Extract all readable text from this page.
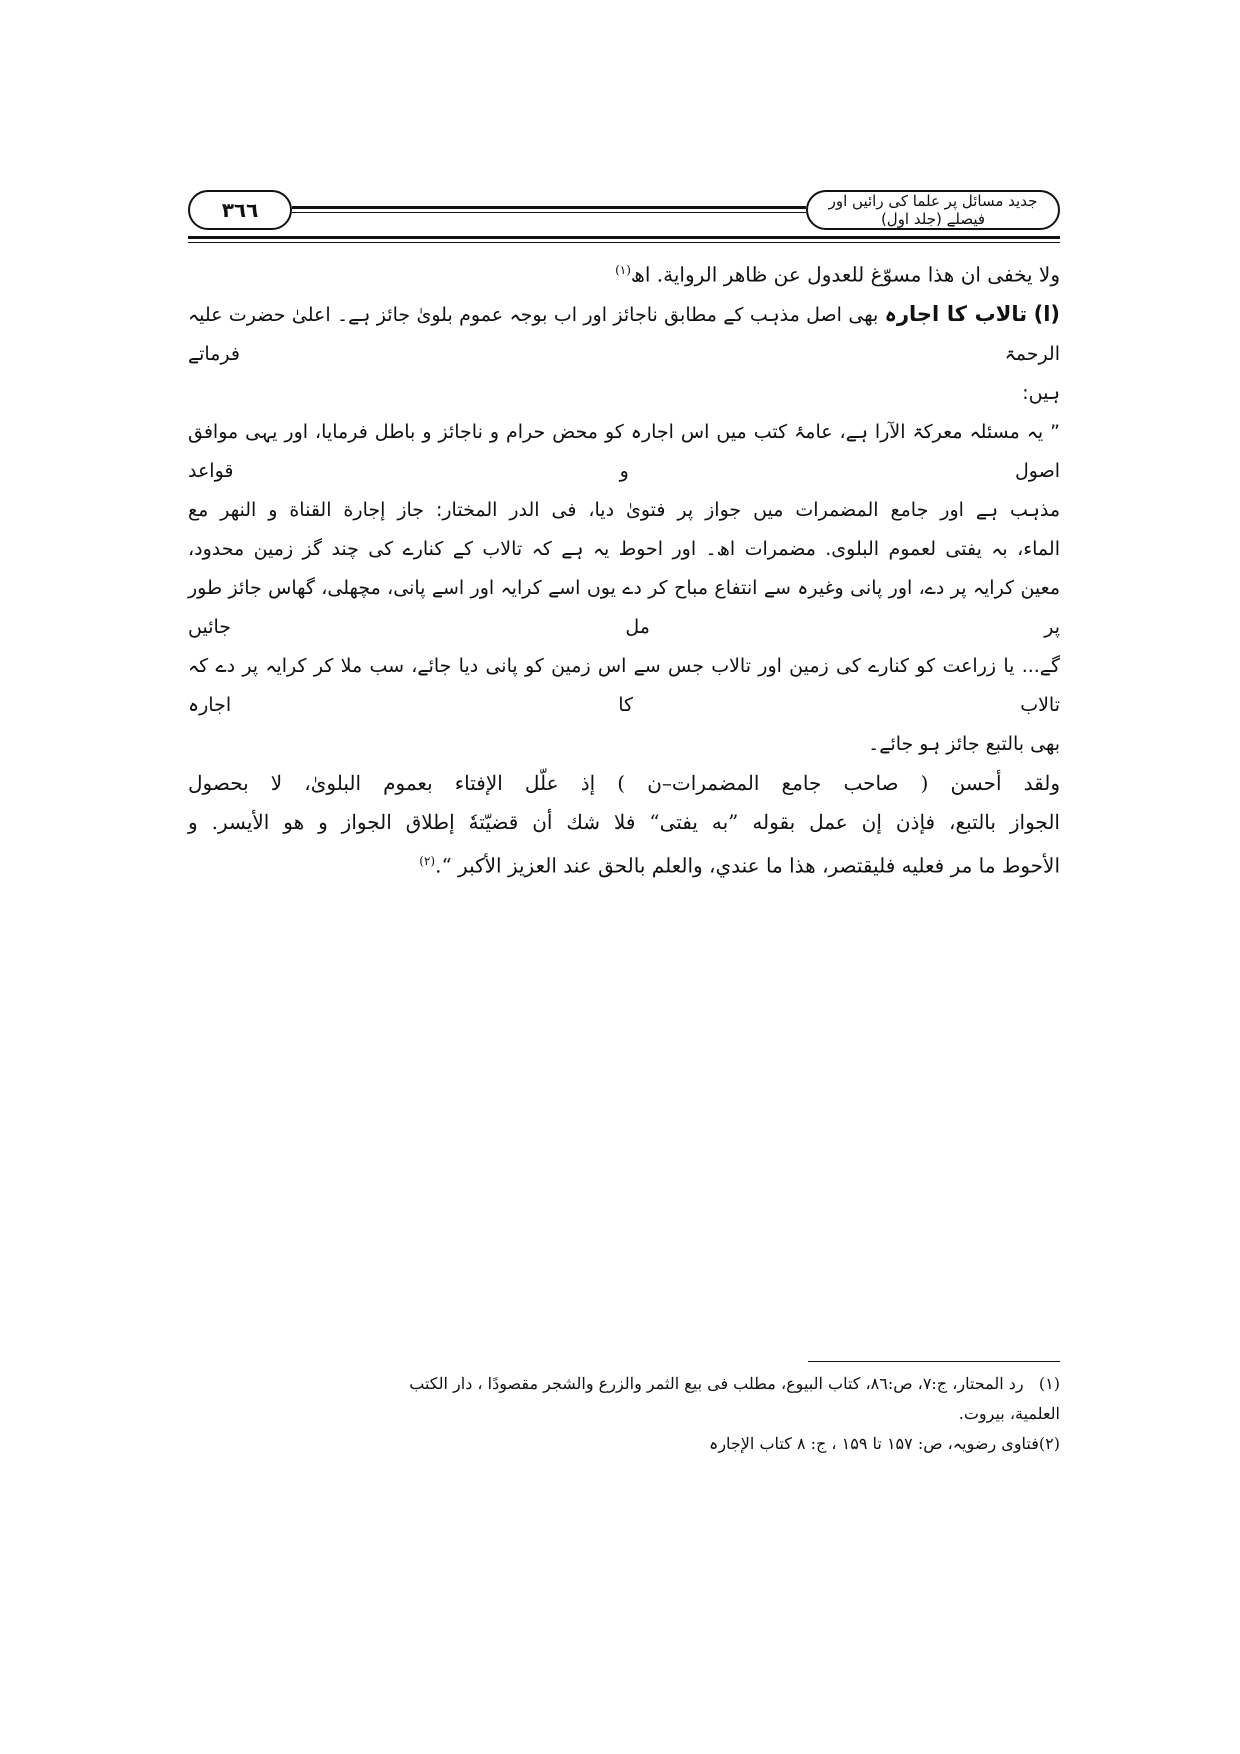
۳٦٦	جدید مسائل پر علما کی رائیں اور فیصلے (جلد اول)
ولا یخفی ان ھذا مسوّغ للعدول عن ظاھر الروایة. اھ$^{(۱)}$
(ا) تالاب کا اجارہ بھی اصل مذہب کے مطابق ناجائز اور اب بوجہ عموم بلویٰ جائز ہے۔ اعلیٰ حضرت علیہ الرحمۃ فرماتے
ہیں:
” یہ مسئلہ معرکۃ الآرا ہے، عامۂ کتب میں اس اجارہ کو محض حرام و ناجائز و باطل فرمایا، اور یہی موافق اصول و قواعد
مذہب ہے اور جامع المضمرات میں جواز پر فتویٰ دیا، فی الدر المختار: جاز إجارة القناة و النھر مع
الماء، بہ یفتی لعموم البلوی. مضمرات اھ۔ اور احوط یہ ہے کہ تالاب کے کنارے کی چند گز زمین محدود،
معین کرایہ پر دے، اور پانی وغیرہ سے انتفاع مباح کر دے یوں اسے کرایہ اور اسے پانی، مچھلی، گھاس جائز طور پر مل جائیں
گے... یا زراعت کو کنارے کی زمین اور تالاب جس سے اس زمین کو پانی دیا جائے، سب ملا کر کرایہ پر دے کہ تالاب کا اجارہ
بھی بالتبع جائز ہو جائے۔
ولقد أحسن ( صاحب جامع المضمرات–ن ) إذ علّل الإفتاء بعموم البلویٰ، لا بحصول
الجواز بالتبع، فإذن إن عمل بقوله ”به یفتی“ فلا شك أن قضیّتهٗ إطلاق الجواز و هو الأیسر. و
الأحوط ما مر فعلیه فلیقتصر، هذا ما عندي، والعلم بالحق عند العزیز الأکبر “.$^{(۲)}$
(۱)   رد المحتار، ج:۷، ص:۸٦، کتاب البیوع، مطلب فی بیع الثمر والزرع والشجر مقصودًا ، دار الکتب
العلمیة، بیروت.
(۲)فتاوی رضویہ، ص: ۱۵۷ تا ۱۵۹ ، ج: ۸ کتاب الإجارہ
